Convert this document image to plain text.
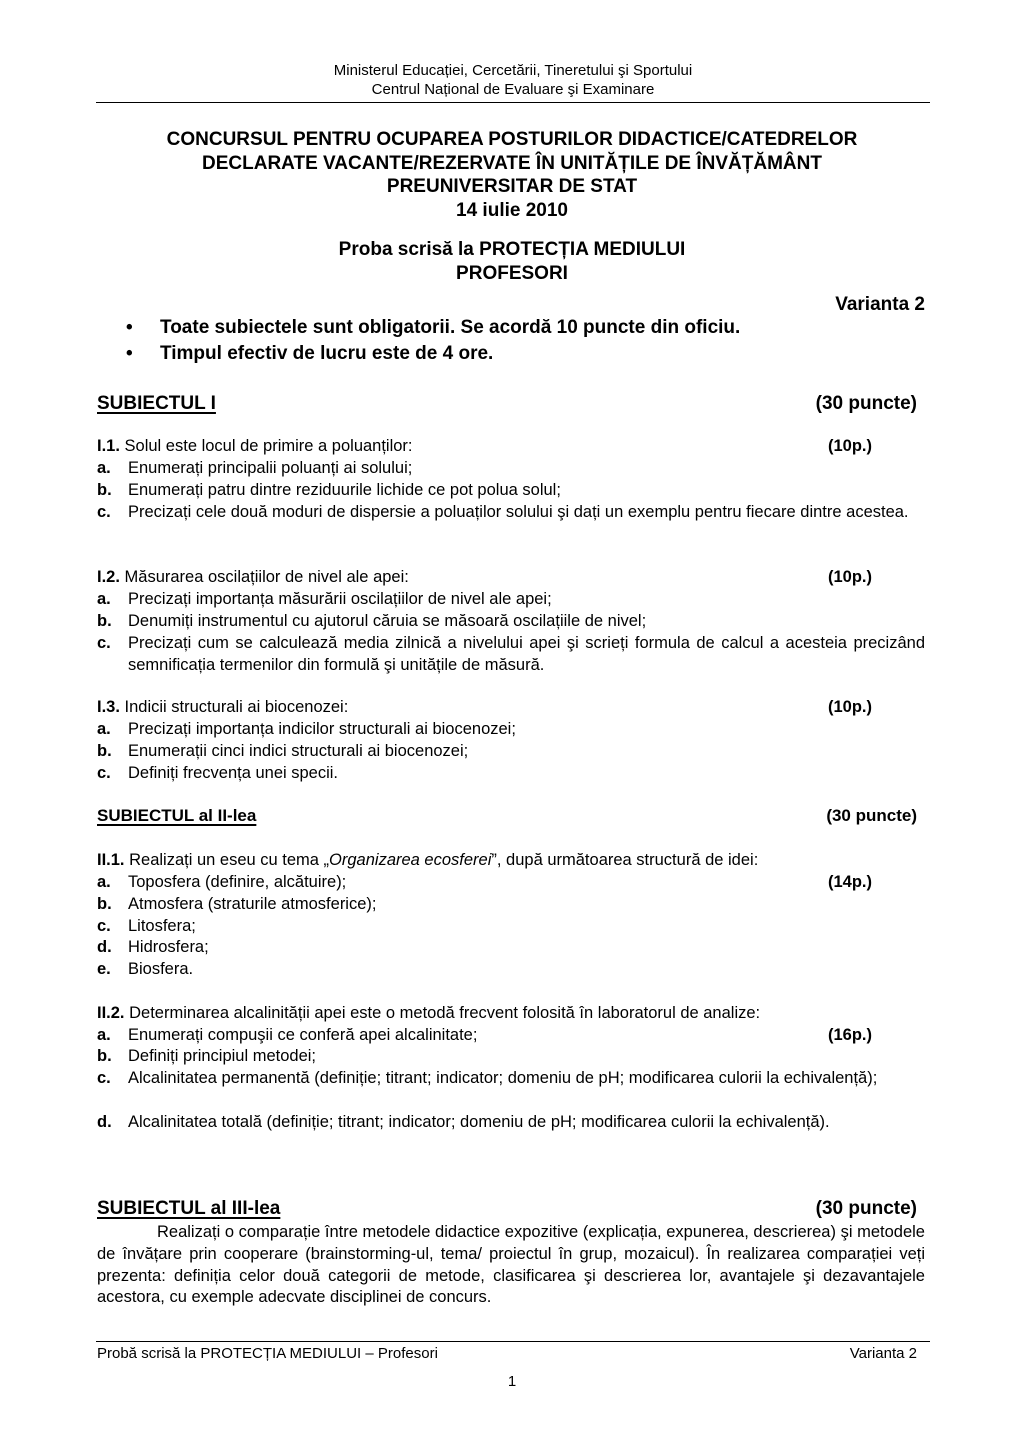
Ministerul Educației, Cercetării, Tineretului şi Sportului
Centrul Național de Evaluare şi Examinare
CONCURSUL PENTRU OCUPAREA POSTURILOR DIDACTICE/CATEDRELOR
DECLARATE VACANTE/REZERVATE ÎN UNITĂȚILE DE ÎNVĂȚĂMÂNT
PREUNIVERSITAR DE STAT
14 iulie 2010
Proba scrisă la PROTECȚIA MEDIULUI
PROFESORI
Varianta 2
• Toate subiectele sunt obligatorii. Se acordă 10 puncte din oficiu.
• Timpul efectiv de lucru este de 4 ore.
SUBIECTUL I	(30 puncte)
I.1. Solul este locul de primire a poluanților:	(10p.)
a. Enumerați principalii poluanți ai solului;
b. Enumerați patru dintre reziduurile lichide ce pot polua solul;
c. Precizați cele două moduri de dispersie a poluaților solului şi dați un exemplu pentru fiecare dintre acestea.
I.2. Măsurarea oscilațiilor de nivel ale apei:	(10p.)
a. Precizați importanța măsurării oscilațiilor de nivel ale apei;
b. Denumiți instrumentul cu ajutorul căruia se măsoară oscilațiile de nivel;
c. Precizați cum se calculează media zilnică a nivelului apei şi scrieți formula de calcul a acesteia precizând semnificația termenilor din formulă şi unitățile de măsură.
I.3. Indicii structurali ai biocenozei:	(10p.)
a. Precizați importanța indicilor structurali ai biocenozei;
b. Enumerații cinci indici structurali ai biocenozei;
c. Definiți frecvența unei specii.
SUBIECTUL al II-lea	(30 puncte)
II.1. Realizați un eseu cu tema „Organizarea ecosferei”, după următoarea structură de idei:
a. Toposfera (definire, alcătuire);	(14p.)
b. Atmosfera (straturile atmosferice);
c. Litosfera;
d. Hidrosfera;
e. Biosfera.
II.2. Determinarea alcalinității apei este o metodă frecvent folosită în laboratorul de analize:
a. Enumerați compuşii ce conferă apei alcalinitate;	(16p.)
b. Definiți principiul metodei;
c. Alcalinitatea permanentă (definiție; titrant; indicator; domeniu de pH; modificarea culorii la echivalență);
d. Alcalinitatea totală (definiție; titrant; indicator; domeniu de pH; modificarea culorii la echivalență).
SUBIECTUL al III-lea	(30 puncte)
Realizați o comparație între metodele didactice expozitive (explicația, expunerea, descrierea) şi metodele de învățare prin cooperare (brainstorming-ul, tema/ proiectul în grup, mozaicul). În realizarea comparației veți prezenta: definiția celor două categorii de metode, clasificarea şi descrierea lor, avantajele şi dezavantajele acestora, cu exemple adecvate disciplinei de concurs.
Probă scrisă la PROTECȚIA MEDIULUI – Profesori	Varianta 2
1
